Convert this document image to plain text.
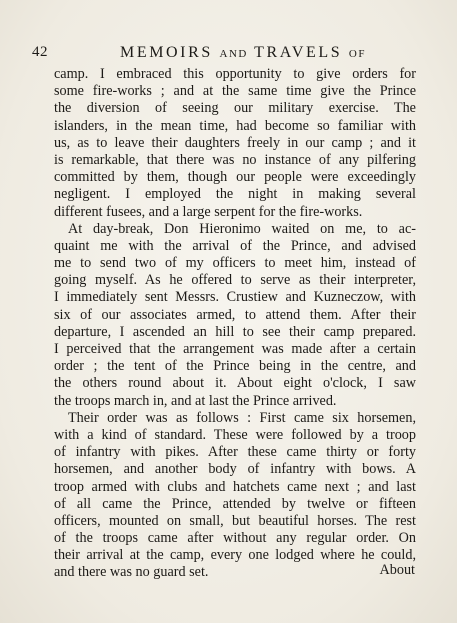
42	MEMOIRS AND TRAVELS OF
camp. I embraced this opportunity to give orders for
some fire-works ; and at the same time give the Prince
the diversion of seeing our military exercise. The
islanders, in the mean time, had become so familiar with
us, as to leave their daughters freely in our camp ; and it
is remarkable, that there was no instance of any pilfering
committed by them, though our people were exceedingly
negligent. I employed the night in making several
different fusees, and a large serpent for the fire-works.
At day-break, Don Hieronimo waited on me, to ac-
quaint me with the arrival of the Prince, and advised
me to send two of my officers to meet him, instead of
going myself. As he offered to serve as their interpreter,
I immediately sent Messrs. Crustiew and Kuzneczow, with
six of our associates armed, to attend them. After their
departure, I ascended an hill to see their camp prepared.
I perceived that the arrangement was made after a certain
order ; the tent of the Prince being in the centre, and
the others round about it. About eight o'clock, I saw
the troops march in, and at last the Prince arrived.
Their order was as follows : First came six horsemen,
with a kind of standard. These were followed by a troop
of infantry with pikes. After these came thirty or forty
horsemen, and another body of infantry with bows. A
troop armed with clubs and hatchets came next ; and last
of all came the Prince, attended by twelve or fifteen
officers, mounted on small, but beautiful horses. The rest
of the troops came after without any regular order. On
their arrival at the camp, every one lodged where he could,
and there was no guard set.	About
